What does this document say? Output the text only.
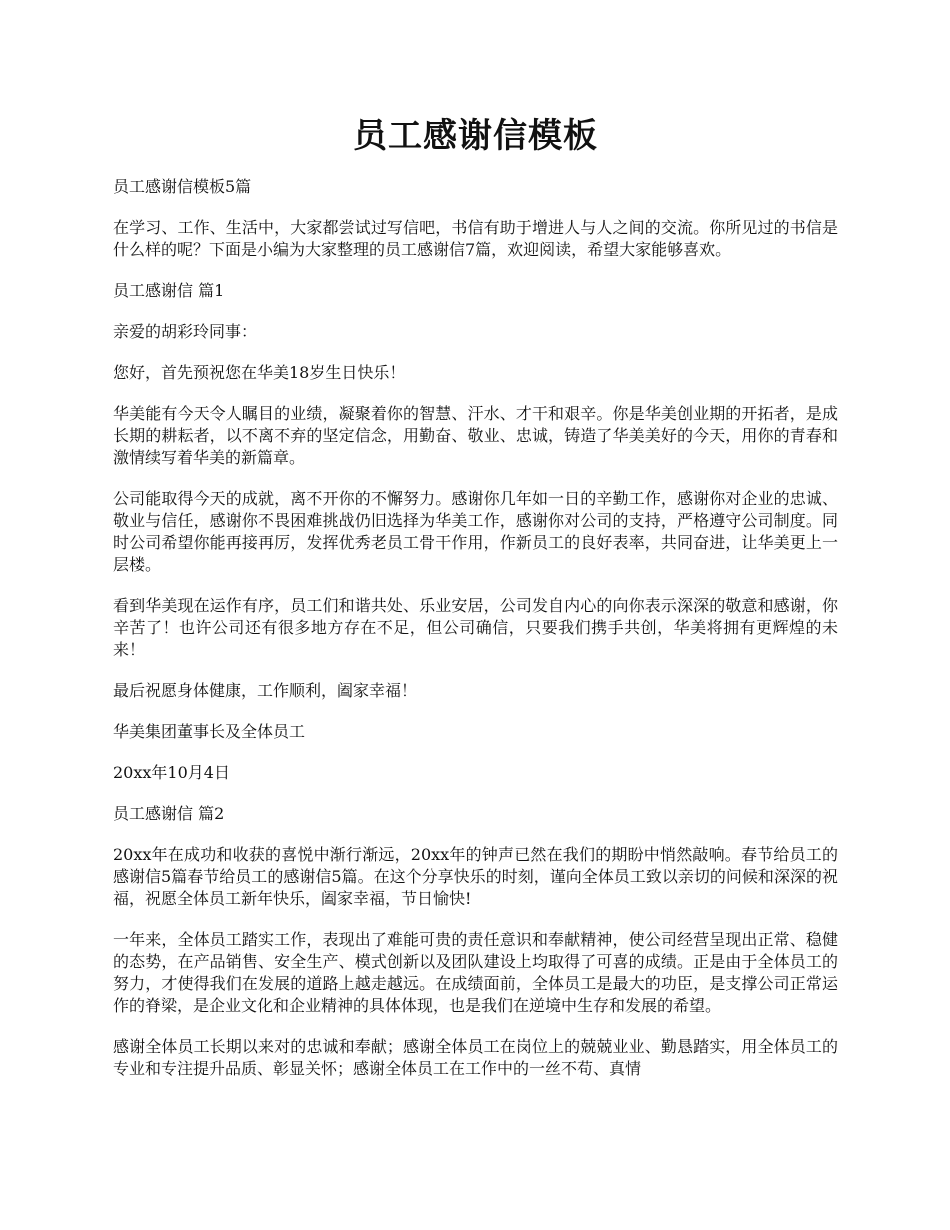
员工感谢信模板

员工感谢信模板5篇

在学习、工作、生活中，大家都尝试过写信吧，书信有助于增进人与人之间的交流。你所见过的书信是什么样的呢？下面是小编为大家整理的员工感谢信7篇，欢迎阅读，希望大家能够喜欢。

员工感谢信 篇1

亲爱的胡彩玲同事：

您好，首先预祝您在华美18岁生日快乐！

华美能有今天令人瞩目的业绩，凝聚着你的智慧、汗水、才干和艰辛。你是华美创业期的开拓者，是成长期的耕耘者，以不离不弃的坚定信念，用勤奋、敬业、忠诚，铸造了华美美好的今天，用你的青春和激情续写着华美的新篇章。

公司能取得今天的成就，离不开你的不懈努力。感谢你几年如一日的辛勤工作，感谢你对企业的忠诚、敬业与信任，感谢你不畏困难挑战仍旧选择为华美工作，感谢你对公司的支持，严格遵守公司制度。同时公司希望你能再接再厉，发挥优秀老员工骨干作用，作新员工的良好表率，共同奋进，让华美更上一层楼。

看到华美现在运作有序，员工们和谐共处、乐业安居，公司发自内心的向你表示深深的敬意和感谢，你辛苦了！也许公司还有很多地方存在不足，但公司确信，只要我们携手共创，华美将拥有更辉煌的未来！

最后祝愿身体健康，工作顺利，阖家幸福！

华美集团董事长及全体员工

20xx年10月4日

员工感谢信 篇2

20xx年在成功和收获的喜悦中渐行渐远，20xx年的钟声已然在我们的期盼中悄然敲响。春节给员工的感谢信5篇春节给员工的感谢信5篇。在这个分享快乐的时刻，谨向全体员工致以亲切的问候和深深的祝福，祝愿全体员工新年快乐，阖家幸福，节日愉快!

一年来，全体员工踏实工作，表现出了难能可贵的责任意识和奉献精神，使公司经营呈现出正常、稳健的态势，在产品销售、安全生产、模式创新以及团队建设上均取得了可喜的成绩。正是由于全体员工的努力，才使得我们在发展的道路上越走越远。在成绩面前，全体员工是最大的功臣，是支撑公司正常运作的脊梁，是企业文化和企业精神的具体体现，也是我们在逆境中生存和发展的希望。

感谢全体员工长期以来对的忠诚和奉献；感谢全体员工在岗位上的兢兢业业、勤恳踏实，用全体员工的专业和专注提升品质、彰显关怀；感谢全体员工在工作中的一丝不苟、真情
